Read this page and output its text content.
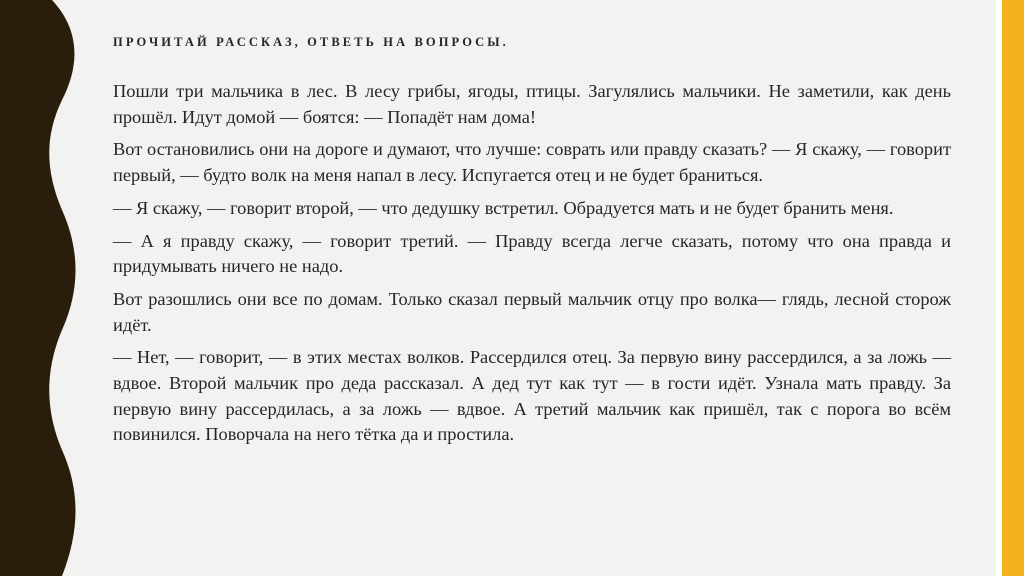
ПРОЧИТАЙ РАССКАЗ, ОТВЕТЬ НА ВОПРОСЫ.

Пошли три мальчика в лес. В лесу грибы, ягоды, птицы. Загулялись мальчики. Не заметили, как день прошёл. Идут домой — боятся: — Попадёт нам дома!

Вот остановились они на дороге и думают, что лучше: соврать или правду сказать? — Я скажу, — говорит первый, — будто волк на меня напал в лесу. Испугается отец и не будет браниться.

— Я скажу, — говорит второй, — что дедушку встретил. Обрадуется мать и не будет бранить меня.

— А я правду скажу, — говорит третий. — Правду всегда легче сказать, потому что она правда и придумывать ничего не надо.

Вот разошлись они все по домам. Только сказал первый мальчик отцу про волка— глядь, лесной сторож идёт.

— Нет, — говорит, — в этих местах волков. Рассердился отец. За первую вину рассердился, а за ложь — вдвое. Второй мальчик про деда рассказал. А дед тут как тут — в гости идёт. Узнала мать правду. За первую вину рассердилась, а за ложь — вдвое. А третий мальчик как пришёл, так с порога во всём повинился. Поворчала на него тётка да и простила.
